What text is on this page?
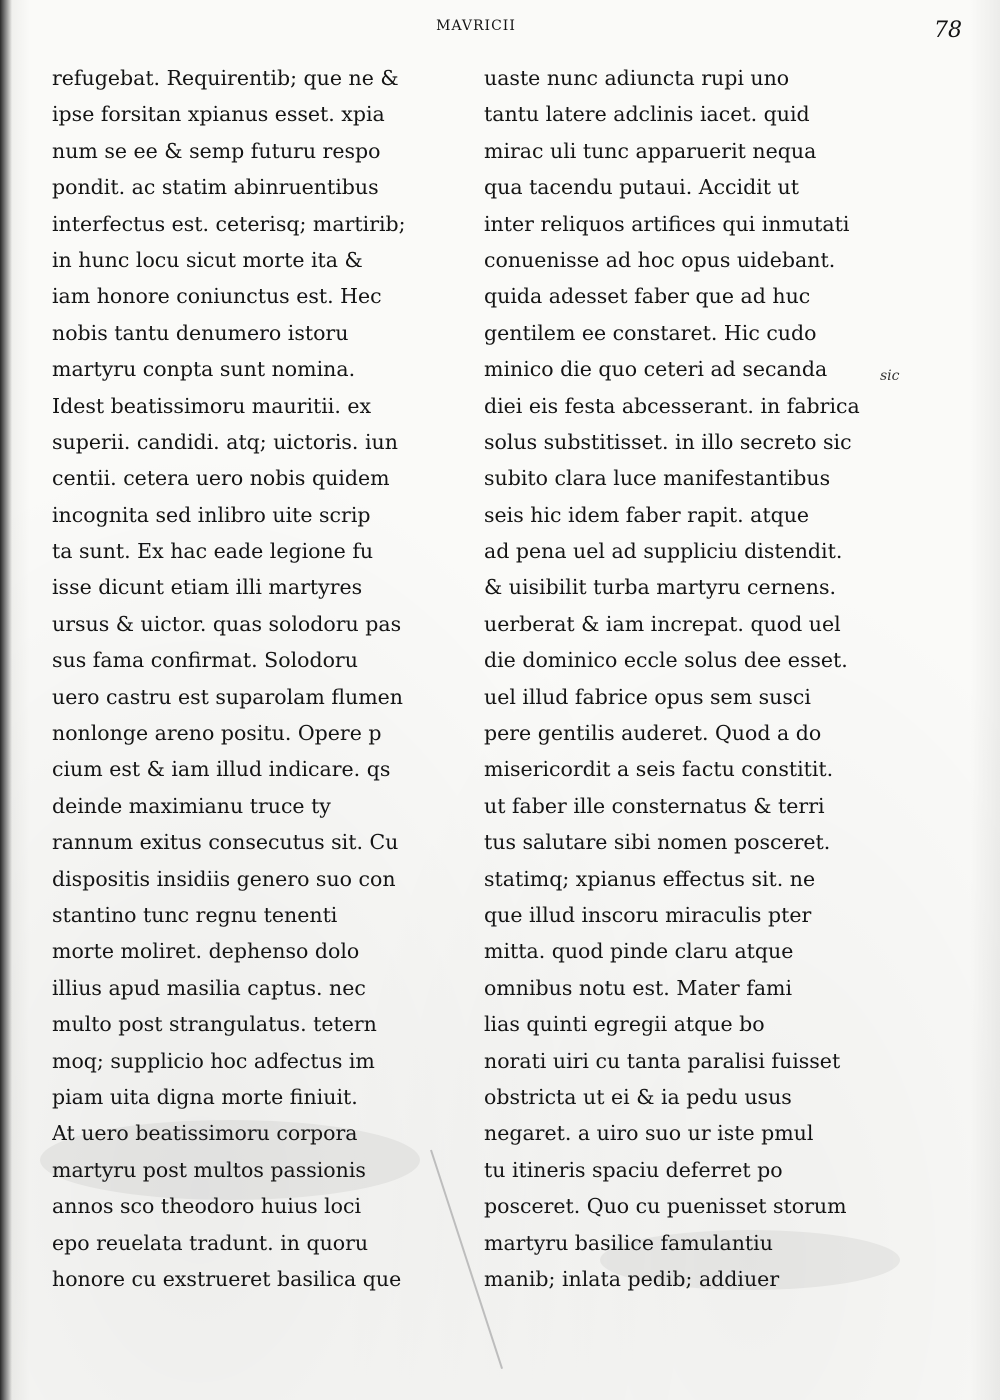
MAVRICII	78
refugebat. Requirentib; que ne &
ipse forsitan xpianus esset. xpia
num se ee & semp futuru respo
pondit. ac statim abinruentibus
interfectus est. ceterisq; martirib;
in hunc locu sicut morte ita &
iam honore coniunctus est. Hec
nobis tantu denumero istoru
martyru conpta sunt nomina.
Idest beatissimoru mauritii. ex
superii. candidi. atq; uictoris. iun
centii. cetera uero nobis quidem
incognita sed inlibro uite scrip
ta sunt. Ex hac eade legione fu
isse dicunt etiam illi martyres
ursus & uictor. quas solodoru pas
sus fama confirmat. Solodoru
uero castru est suparolam flumen
nonlonge areno positu. Opere p
cium est & iam illud indicare. qs
deinde maximianu truce ty
rannum exitus consecutus sit. Cu
dispositis insidiis genero suo con
stantino tunc regnu tenenti
morte moliret. dephenso dolo
illius apud masilia captus. nec
multo post strangulatus. tetern
moq; supplicio hoc adfectus im
piam uita digna morte finiuit.
At uero beatissimoru corpora
martyru post multos passionis
annos sco theodoro huius loci
epo reuelata tradunt. in quoru
honore cu exstrueret basilica que
uaste nunc adiuncta rupi uno
tantu latere adclinis iacet. quid
mirac uli tunc apparuerit nequa
qua tacendu putaui. Accidit ut
inter reliquos artifices qui inmutati
conuenisse ad hoc opus uidebant.
quida adesset faber que ad huc
gentilem ee constaret. Hic cudo
minico die quo ceteri ad secanda
diei eis festa abcesserant. in fabrica
solus substitisset. in illo secreto sic
subito clara luce manifestantibus
seis hic idem faber rapit. atque
ad pena uel ad suppliciu distendit.
& uisibilit turba martyru cernens.
uerberat & iam increpat. quod uel
die dominico eccle solus dee esset.
uel illud fabrice opus sem susci
pere gentilis auderet. Quod a do
misericordit a seis factu constitit.
ut faber ille consternatus & terri
tus salutare sibi nomen posceret.
statimq; xpianus effectus sit. ne
que illud inscoru miraculis pter
mitta. quod pinde claru atque
omnibus notu est. Mater fami
lias quinti egregii atque bo
norati uiri cu tanta paralisi fuisset
obstricta ut ei & ia pedu usus
negaret. a uiro suo ur iste pmul
tu itineris spaciu deferret po
posceret. Quo cu puenisset storum
martyru basilice famulantiu
manib; inlata pedib; addiuer
sic
